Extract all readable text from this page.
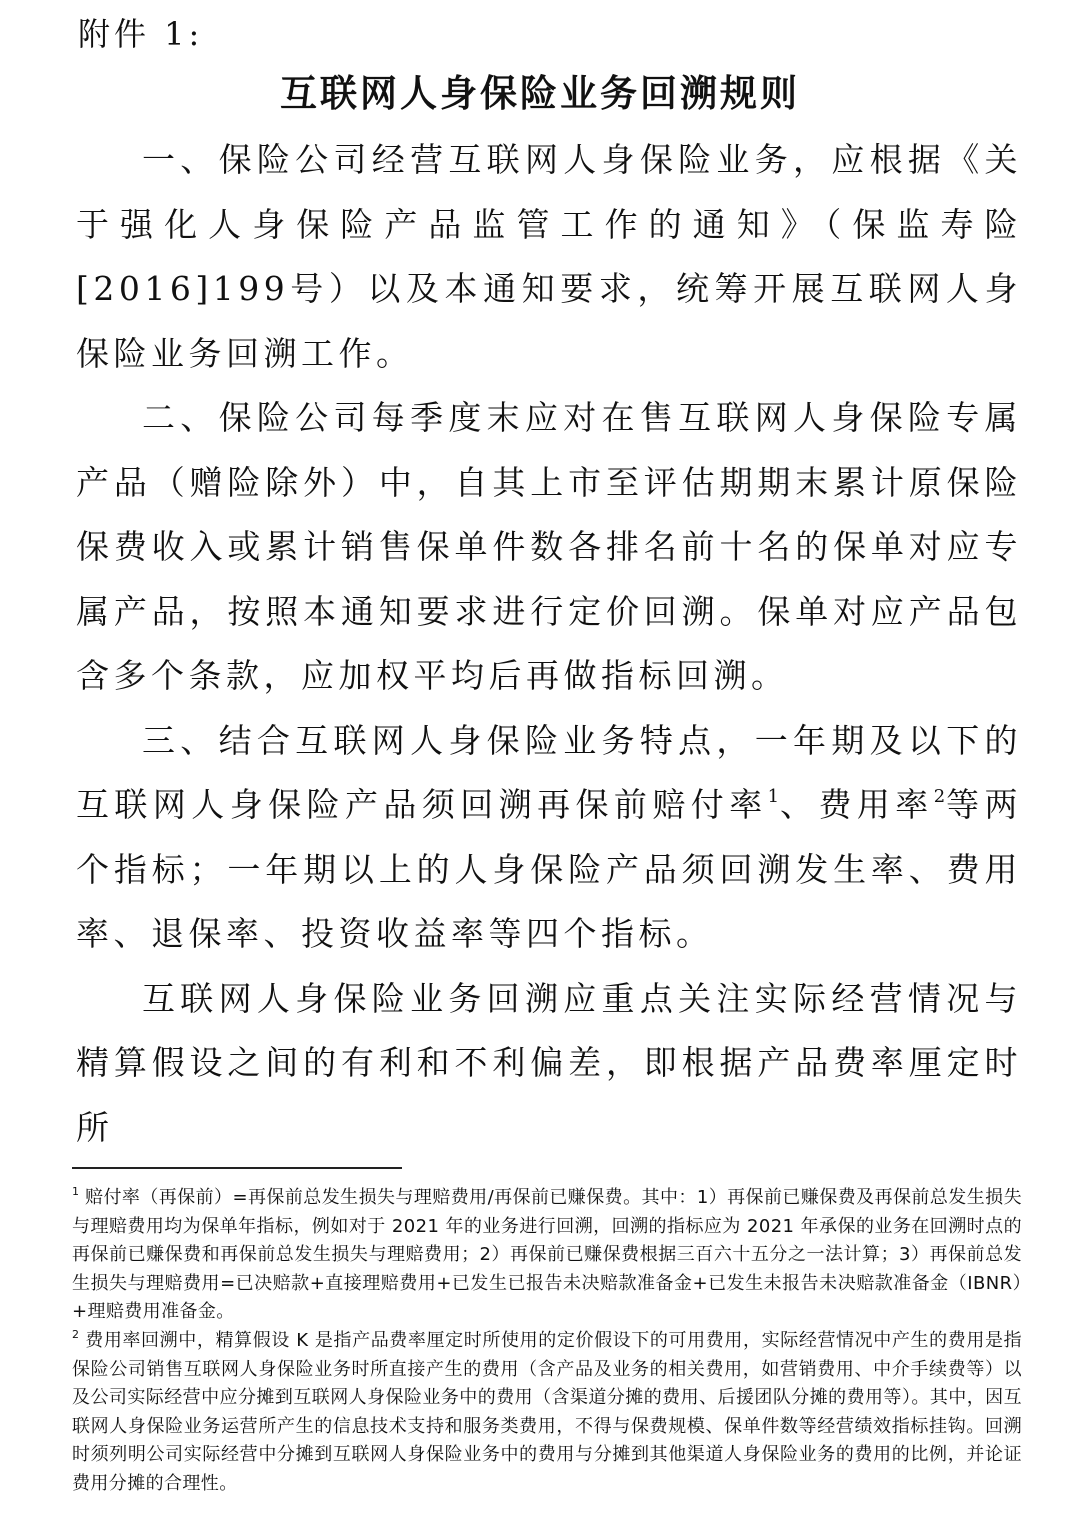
附件 1:
互联网人身保险业务回溯规则

一、保险公司经营互联网人身保险业务，应根据《关于强化人身保险产品监管工作的通知》（保监寿险[2016]199号）以及本通知要求，统筹开展互联网人身保险业务回溯工作。

二、保险公司每季度末应对在售互联网人身保险专属产品（赠险除外）中，自其上市至评估期期末累计原保险保费收入或累计销售保单件数各排名前十名的保单对应专属产品，按照本通知要求进行定价回溯。保单对应产品包含多个条款，应加权平均后再做指标回溯。

三、结合互联网人身保险业务特点，一年期及以下的互联网人身保险产品须回溯再保前赔付率$^1$、费用率$^2$等两个指标；一年期以上的人身保险产品须回溯发生率、费用率、退保率、投资收益率等四个指标。

互联网人身保险业务回溯应重点关注实际经营情况与精算假设之间的有利和不利偏差，即根据产品费率厘定时所

$^1$ 赔付率（再保前）=再保前总发生损失与理赔费用/再保前已赚保费。其中：1）再保前已赚保费及再保前总发生损失与理赔费用均为保单年指标，例如对于 2021 年的业务进行回溯，回溯的指标应为 2021 年承保的业务在回溯时点的再保前已赚保费和再保前总发生损失与理赔费用；2）再保前已赚保费根据三百六十五分之一法计算；3）再保前总发生损失与理赔费用=已决赔款+直接理赔费用+已发生已报告未决赔款准备金+已发生未报告未决赔款准备金（IBNR）+理赔费用准备金。

$^2$ 费用率回溯中，精算假设 K 是指产品费率厘定时所使用的定价假设下的可用费用，实际经营情况中产生的费用是指保险公司销售互联网人身保险业务时所直接产生的费用（含产品及业务的相关费用，如营销费用、中介手续费等）以及公司实际经营中应分摊到互联网人身保险业务中的费用（含渠道分摊的费用、后援团队分摊的费用等）。其中，因互联网人身保险业务运营所产生的信息技术支持和服务类费用，不得与保费规模、保单件数等经营绩效指标挂钩。回溯时须列明公司实际经营中分摊到互联网人身保险业务中的费用与分摊到其他渠道人身保险业务的费用的比例，并论证费用分摊的合理性。
